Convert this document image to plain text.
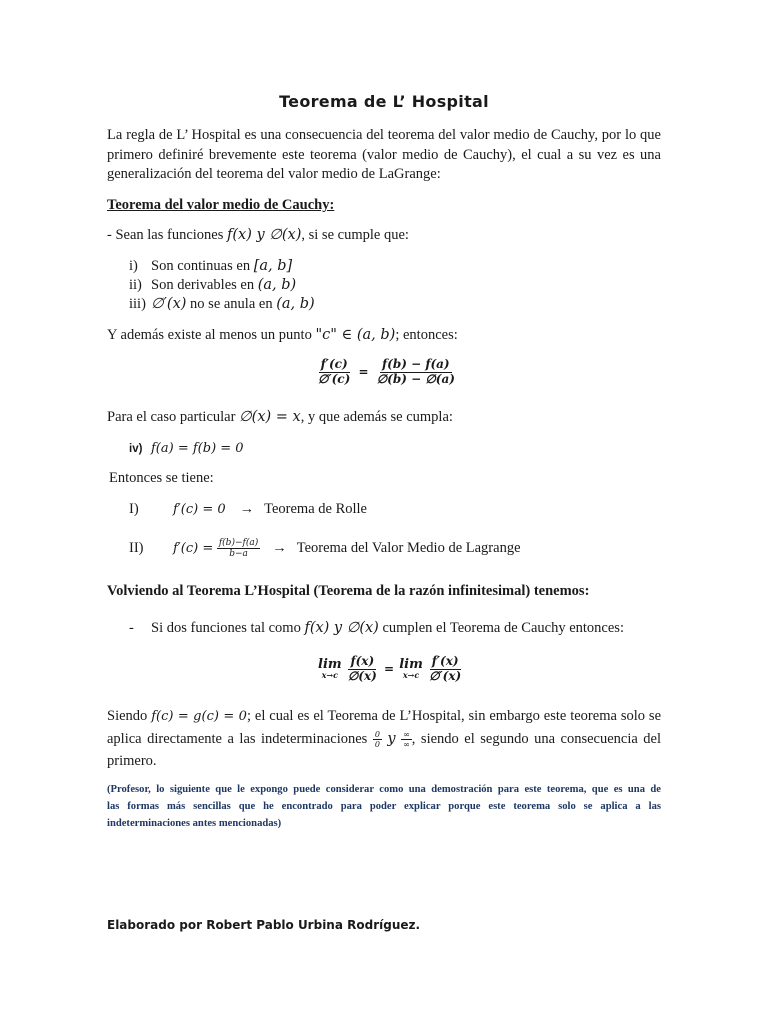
Teorema de L’ Hospital

La regla de L’ Hospital es una consecuencia del teorema del valor medio de Cauchy, por lo que

primero definiré brevemente este teorema (valor medio de Cauchy), el cual a su vez es una

generalización del teorema del valor medio de LaGrange:

Teorema del valor medio de Cauchy:
- Sean las funciones f(x) y ∅(x), si se cumple que:
i) Son continuas en [a, b]
ii) Son derivables en (a, b)
iii) ∅′(x) no se anula en (a, b)
Y además existe al menos un punto "c" ∈ (a, b); entonces:
$\frac{f'(c)}{\emptyset'(c)} = \frac{f(b) - f(a)}{\emptyset(b) - \emptyset(a)}$
Para el caso particular ∅(x) = x, y que además se cumpla:
iv) f(a) = f(b) = 0
Entonces se tiene:
I)	f′(c) = 0 → Teorema de Rolle
II) $f'(c) = \frac{f(b)-f(a)}{b-a}$ → Teorema del Valor Medio de Lagrange
Volviendo al Teorema L’Hospital (Teorema de la razón infinitesimal) tenemos:
- Si dos funciones tal como f(x) y ∅(x) cumplen el Teorema de Cauchy entonces:
lim
x→c
$\frac{f(x)}{\emptyset(x)} = \lim$
x→c
$\frac{f'(x)}{\emptyset'(x)}$

Siendo f(c) = g(c) = 0; el cual es el Teorema de L’Hospital, sin embargo este teorema solo se

aplica directamente a las indeterminaciones $\frac{0}{0}$ y $\frac{\infty}{\infty}$ , siendo el segundo una consecuencia del

primero.

(Profesor, lo siguiente que le expongo puede considerar como una demostración para este teorema, que es una de

las formas más sencillas que he encontrado para poder explicar porque este teorema solo se aplica a las

indeterminaciones antes mencionadas)

Elaborado por Robert Pablo Urbina Rodríguez.
